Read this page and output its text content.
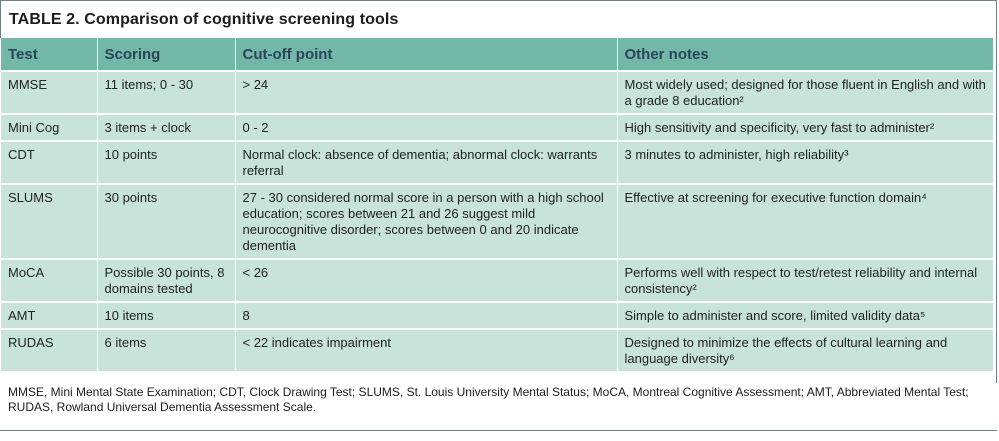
TABLE 2. Comparison of cognitive screening tools
Test	Scoring	Cut-off point	Other notes
MMSE	11 items; 0 - 30	> 24	Most widely used; designed for those fluent in English and with a grade 8 education²
Mini Cog	3 items + clock	0 - 2	High sensitivity and specificity, very fast to administer²
CDT	10 points	Normal clock: absence of dementia; abnormal clock: warrants referral	3 minutes to administer, high reliability³
SLUMS	30 points	27 - 30 considered normal score in a person with a high school education; scores between 21 and 26 suggest mild neurocognitive disorder; scores between 0 and 20 indicate dementia	Effective at screening for executive function domain⁴
MoCA	Possible 30 points, 8 domains tested	< 26	Performs well with respect to test/retest reliability and internal consistency²
AMT	10 items	8	Simple to administer and score, limited validity data⁵
RUDAS	6 items	< 22 indicates impairment	Designed to minimize the effects of cultural learning and language diversity⁶
MMSE, Mini Mental State Examination; CDT, Clock Drawing Test; SLUMS, St. Louis University Mental Status; MoCA, Montreal Cognitive Assessment; AMT, Abbreviated Mental Test; RUDAS, Rowland Universal Dementia Assessment Scale.
